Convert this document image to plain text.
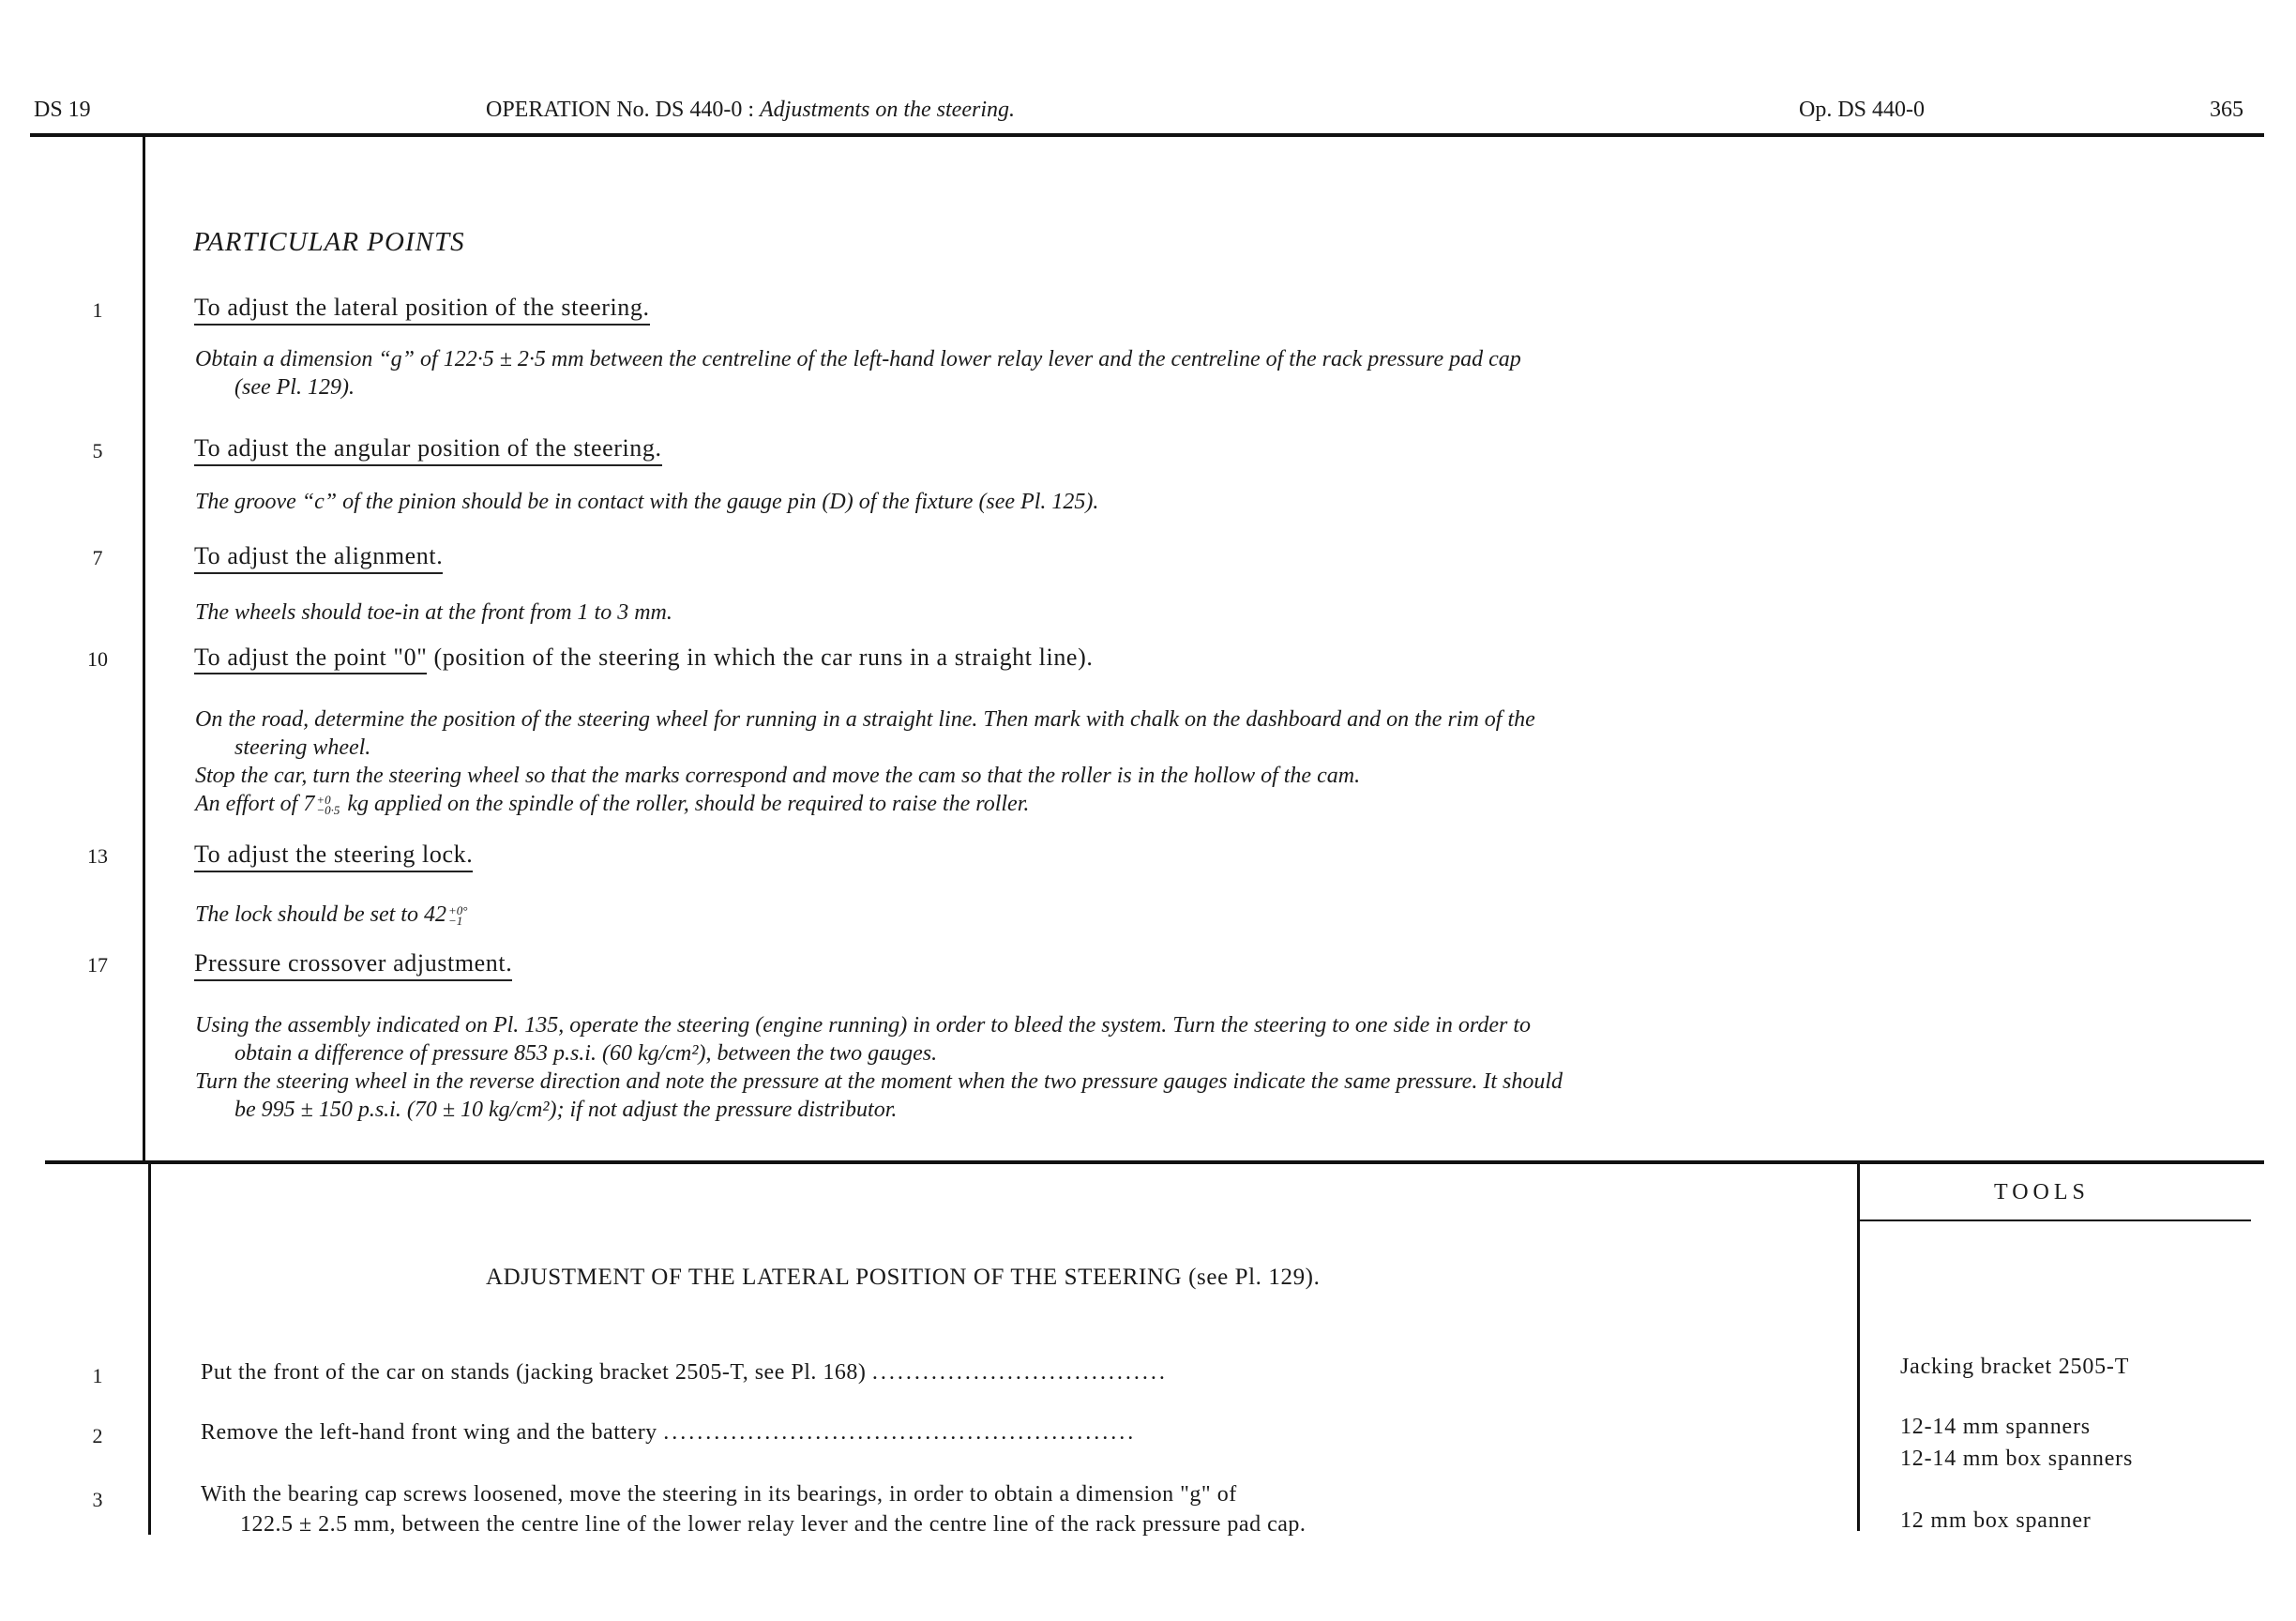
DS 19	OPERATION No. DS 440-0 : Adjustments on the steering.	Op. DS 440-0	365
PARTICULAR POINTS
1	To adjust the lateral position of the steering.
Obtain a dimension “g” of 122·5 ± 2·5 mm between the centreline of the left-hand lower relay lever and the centreline of the rack pressure pad cap
(see Pl. 129).
5	To adjust the angular position of the steering.
The groove “c” of the pinion should be in contact with the gauge pin (D) of the fixture (see Pl. 125).
7	To adjust the alignment.
The wheels should toe-in at the front from 1 to 3 mm.
10	To adjust the point "0" (position of the steering in which the car runs in a straight line).
On the road, determine the position of the steering wheel for running in a straight line. Then mark with chalk on the dashboard and on the rim of the
steering wheel.
Stop the car, turn the steering wheel so that the marks correspond and move the cam so that the roller is in the hollow of the cam.
An effort of 7 +0
−0·5 kg applied on the spindle of the roller, should be required to raise the roller.
13	To adjust the steering lock.
The lock should be set to 42 +0°
−1
17	Pressure crossover adjustment.
Using the assembly indicated on Pl. 135, operate the steering (engine running) in order to bleed the system. Turn the steering to one side in order to
obtain a difference of pressure 853 p.s.i. (60 kg/cm²), between the two gauges.
Turn the steering wheel in the reverse direction and note the pressure at the moment when the two pressure gauges indicate the same pressure. It should
be 995 ± 150 p.s.i. (70 ± 10 kg/cm²); if not adjust the pressure distributor.
TOOLS
ADJUSTMENT OF THE LATERAL POSITION OF THE STEERING (see Pl. 129).
1	Put the front of the car on stands (jacking bracket 2505-T, see Pl. 168) ...................................	Jacking bracket 2505-T
2	Remove the left-hand front wing and the battery ........................................................	12-14 mm spanners
12-14 mm box spanners
3	With the bearing cap screws loosened, move the steering in its bearings, in order to obtain a dimension "g" of
122.5 ± 2.5 mm, between the centre line of the lower relay lever and the centre line of the rack pressure pad cap.	12 mm box spanner
